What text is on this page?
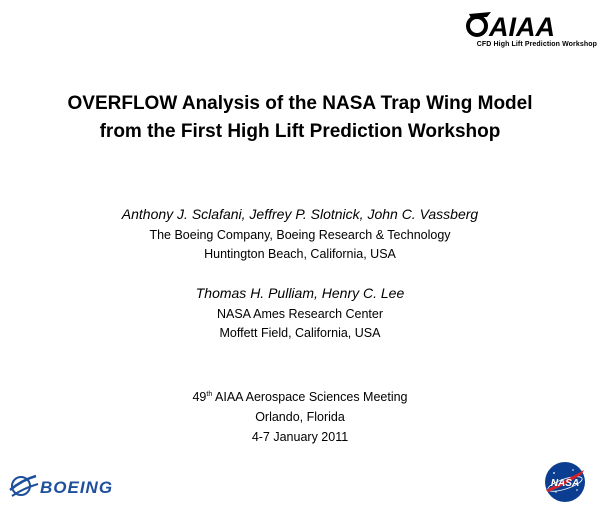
AIAA
CFD High Lift Prediction Workshop
OVERFLOW Analysis of the NASA Trap Wing Model
from the First High Lift Prediction Workshop
Anthony J. Sclafani, Jeffrey P. Slotnick, John C. Vassberg
The Boeing Company, Boeing Research & Technology
Huntington Beach, California, USA
Thomas H. Pulliam, Henry C. Lee
NASA Ames Research Center
Moffett Field, California, USA
49th AIAA Aerospace Sciences Meeting
Orlando, Florida
4-7 January 2011
BOEING	NASA
